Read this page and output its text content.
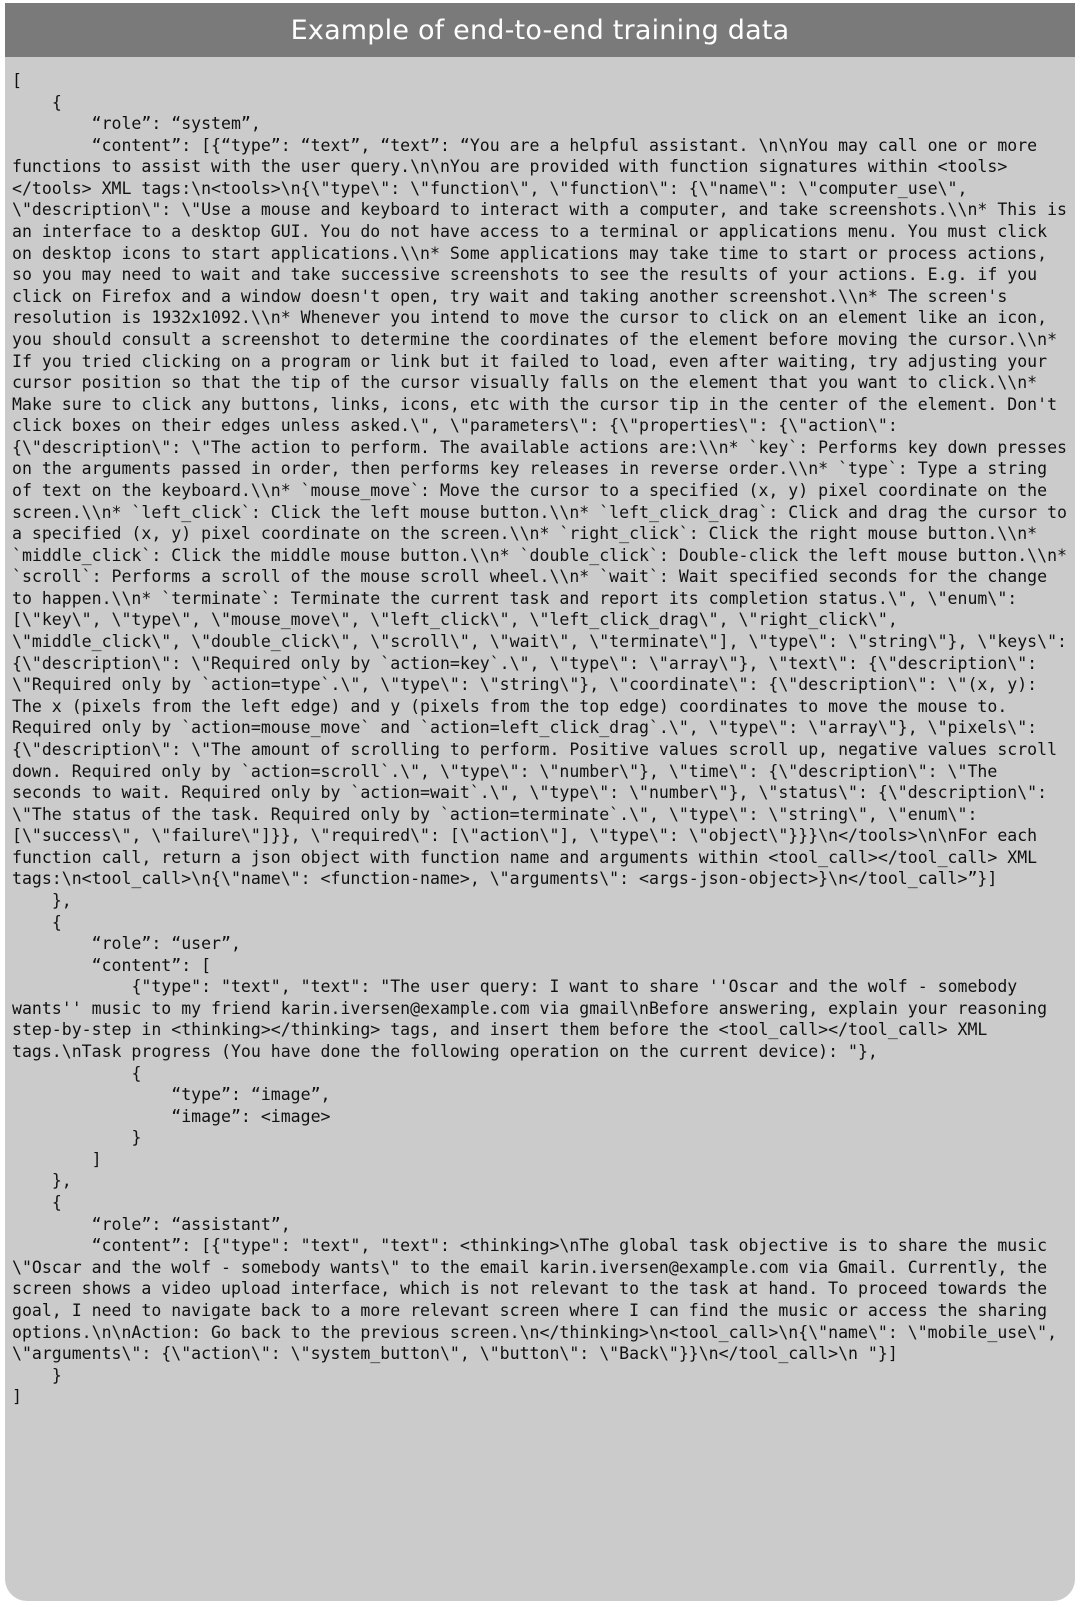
Example of end-to-end training data
[
{
“role”: “system”,
“content”: [{“type”: “text”, “text”: “You are a helpful assistant. \n\nYou may call one or more functions to assist with the user query.\n\nYou are provided with function signatures within <tools></tools> XML tags:\n<tools>\n{\"type\": \"function\", \"function\": {\"name\": \"computer_use\", \"description\": \"Use a mouse and keyboard to interact with a computer, and take screenshots.\\n* This is an interface to a desktop GUI. You do not have access to a terminal or applications menu. You must click on desktop icons to start applications.\\n* Some applications may take time to start or process actions, so you may need to wait and take successive screenshots to see the results of your actions. E.g. if you click on Firefox and a window doesn't open, try wait and taking another screenshot.\\n* The screen's resolution is 1932x1092.\\n* Whenever you intend to move the cursor to click on an element like an icon, you should consult a screenshot to determine the coordinates of the element before moving the cursor.\\n* If you tried clicking on a program or link but it failed to load, even after waiting, try adjusting your cursor position so that the tip of the cursor visually falls on the element that you want to click.\\n* Make sure to click any buttons, links, icons, etc with the cursor tip in the center of the element. Don't click boxes on their edges unless asked.\", \"parameters\": {\"properties\": {\"action\": {\"description\": \"The action to perform. The available actions are:\\n* `key`: Performs key down presses on the arguments passed in order, then performs key releases in reverse order.\\n* `type`: Type a string of text on the keyboard.\\n* `mouse_move`: Move the cursor to a specified (x, y) pixel coordinate on the screen.\\n* `left_click`: Click the left mouse button.\\n* `left_click_drag`: Click and drag the cursor to a specified (x, y) pixel coordinate on the screen.\\n* `right_click`: Click the right mouse button.\\n* `middle_click`: Click the middle mouse button.\\n* `double_click`: Double-click the left mouse button.\\n* `scroll`: Performs a scroll of the mouse scroll wheel.\\n* `wait`: Wait specified seconds for the change to happen.\\n* `terminate`: Terminate the current task and report its completion status.\", \"enum\": [\"key\", \"type\", \"mouse_move\", \"left_click\", \"left_click_drag\", \"right_click\", \"middle_click\", \"double_click\", \"scroll\", \"wait\", \"terminate\"], \"type\": \"string\"}, \"keys\": {\"description\": \"Required only by `action=key`.\", \"type\": \"array\"}, \"text\": {\"description\": \"Required only by `action=type`.\", \"type\": \"string\"}, \"coordinate\": {\"description\": \"(x, y): The x (pixels from the left edge) and y (pixels from the top edge) coordinates to move the mouse to. Required only by `action=mouse_move` and `action=left_click_drag`.\", \"type\": \"array\"}, \"pixels\": {\"description\": \"The amount of scrolling to perform. Positive values scroll up, negative values scroll down. Required only by `action=scroll`.\", \"type\": \"number\"}, \"time\": {\"description\": \"The seconds to wait. Required only by `action=wait`.\", \"type\": \"number\"}, \"status\": {\"description\": \"The status of the task. Required only by `action=terminate`.\", \"type\": \"string\", \"enum\": [\"success\", \"failure\"]}}, \"required\": [\"action\"], \"type\": \"object\"}}}\n</tools>\n\nFor each function call, return a json object with function name and arguments within <tool_call></tool_call> XML tags:\n<tool_call>\n{\"name\": <function-name>, \"arguments\": <args-json-object>}\n</tool_call>”}]
},
{
“role”: “user”,
“content”: [
{"type": "text", "text": "The user query: I want to share ''Oscar and the wolf - somebody wants'' music to my friend karin.iversen@example.com via gmail\nBefore answering, explain your reasoning step-by-step in <thinking></thinking> tags, and insert them before the <tool_call></tool_call> XML tags.\nTask progress (You have done the following operation on the current device): "},
{
“type”: “image”,
“image”: <image>
}
]
},
{
“role”: “assistant”,
“content”: [{"type": "text", "text": <thinking>\nThe global task objective is to share the music \"Oscar and the wolf - somebody wants\" to the email karin.iversen@example.com via Gmail. Currently, the screen shows a video upload interface, which is not relevant to the task at hand. To proceed towards the goal, I need to navigate back to a more relevant screen where I can find the music or access the sharing options.\n\nAction: Go back to the previous screen.\n</thinking>\n<tool_call>\n{\"name\": \"mobile_use\", \"arguments\": {\"action\": \"system_button\", \"button\": \"Back\"}}\n</tool_call>\n "}]
}
]
